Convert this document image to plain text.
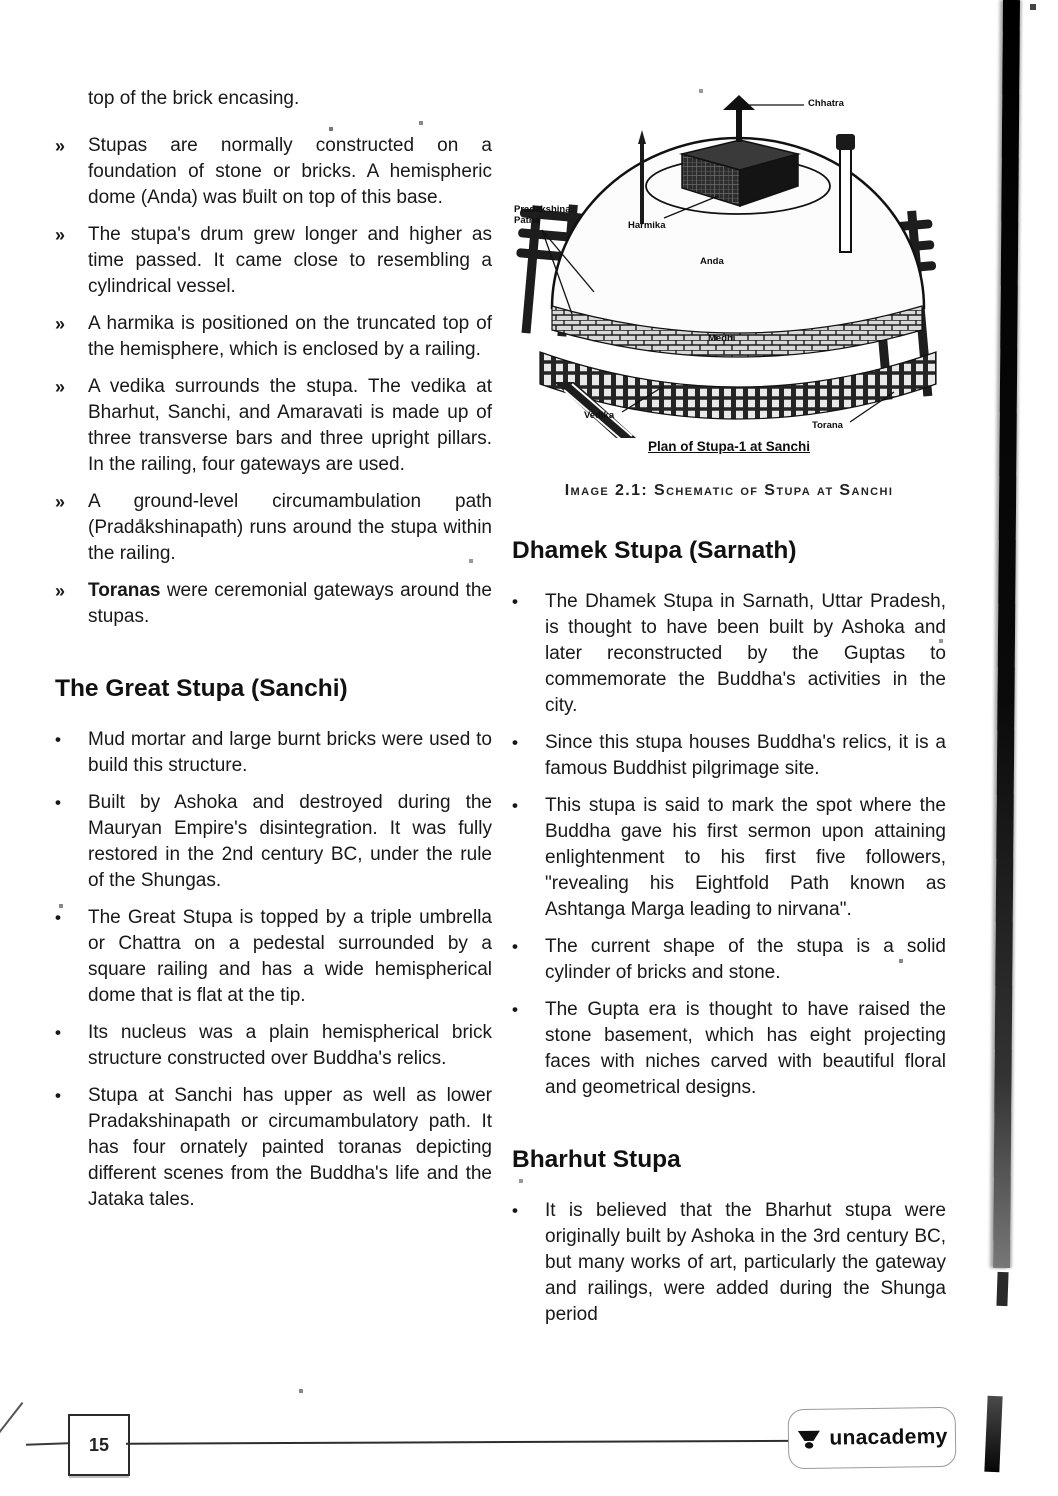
top of the brick encasing.

»	Stupas are normally constructed on a foundation of stone or bricks. A hemispheric dome (Anda) was built on top of this base.

»	The stupa's drum grew longer and higher as time passed. It came close to resembling a cylindrical vessel.

»	A harmika is positioned on the truncated top of the hemisphere, which is enclosed by a railing.

»	A vedika surrounds the stupa. The vedika at Bharhut, Sanchi, and Amaravati is made up of three transverse bars and three upright pillars. In the railing, four gateways are used.

»	A ground-level circumambulation path (Pradakshinapath) runs around the stupa within the railing.

»	Toranas were ceremonial gateways around the stupas.

The Great Stupa (Sanchi)
•	Mud mortar and large burnt bricks were used to build this structure.

•	Built by Ashoka and destroyed during the Mauryan Empire's disintegration. It was fully restored in the 2nd century BC, under the rule of the Shungas.

•	The Great Stupa is topped by a triple umbrella or Chattra on a pedestal surrounded by a square railing and has a wide hemispherical dome that is flat at the tip.

•	Its nucleus was a plain hemispherical brick structure constructed over Buddha's relics.

•	Stupa at Sanchi has upper as well as lower Pradakshinapath or circumambulatory path. It has four ornately painted toranas depicting different scenes from the Buddha's life and the Jataka tales.

Chhatra
Harmika
Pradakshina Patha
Anda
Medhi
Vedika
Torana
Plan of Stupa-1 at Sanchi

Image 2.1: Schematic of Stupa at Sanchi

Dhamek Stupa (Sarnath)
•	The Dhamek Stupa in Sarnath, Uttar Pradesh, is thought to have been built by Ashoka and later reconstructed by the Guptas to commemorate the Buddha's activities in the city.

•	Since this stupa houses Buddha's relics, it is a famous Buddhist pilgrimage site.

•	This stupa is said to mark the spot where the Buddha gave his first sermon upon attaining enlightenment to his first five followers, "revealing his Eightfold Path known as Ashtanga Marga leading to nirvana".

•	The current shape of the stupa is a solid cylinder of bricks and stone.

•	The Gupta era is thought to have raised the stone basement, which has eight projecting faces with niches carved with beautiful floral and geometrical designs.

Bharhut Stupa
•	It is believed that the Bharhut stupa were originally built by Ashoka in the 3rd century BC, but many works of art, particularly the gateway and railings, were added during the Shunga period

15	unacademy
